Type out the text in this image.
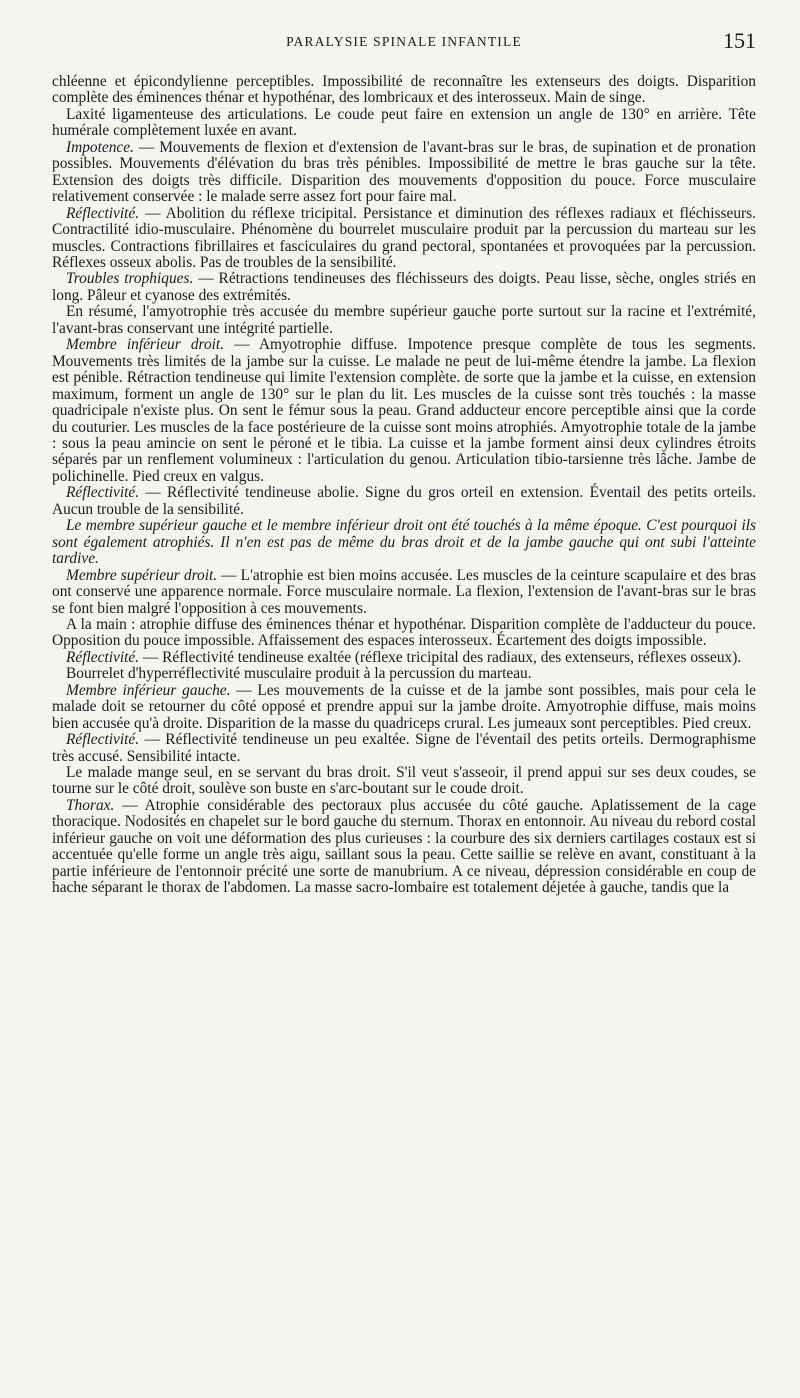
PARALYSIE SPINALE INFANTILE	151

chléenne et épicondylienne perceptibles. Impossibilité de reconnaître les extenseurs des doigts. Disparition complète des éminences thénar et hypothénar, des lombricaux et des interosseux. Main de singe.

Laxité ligamenteuse des articulations. Le coude peut faire en extension un angle de 130° en arrière. Tête humérale complètement luxée en avant.

Impotence. — Mouvements de flexion et d'extension de l'avant-bras sur le bras, de supination et de pronation possibles. Mouvements d'élévation du bras très pénibles. Impossibilité de mettre le bras gauche sur la tête. Extension des doigts très difficile. Disparition des mouvements d'opposition du pouce. Force musculaire relativement conservée : le malade serre assez fort pour faire mal.

Réflectivité. — Abolition du réflexe tricipital. Persistance et diminution des réflexes radiaux et fléchisseurs. Contractilité idio-musculaire. Phénomène du bourrelet musculaire produit par la percussion du marteau sur les muscles. Contractions fibrillaires et fasciculaires du grand pectoral, spontanées et provoquées par la percussion. Réflexes osseux abolis. Pas de troubles de la sensibilité.

Troubles trophiques. — Rétractions tendineuses des fléchisseurs des doigts. Peau lisse, sèche, ongles striés en long. Pâleur et cyanose des extrémités.

En résumé, l'amyotrophie très accusée du membre supérieur gauche porte surtout sur la racine et l'extrémité, l'avant-bras conservant une intégrité partielle.

Membre inférieur droit. — Amyotrophie diffuse. Impotence presque complète de tous les segments. Mouvements très limités de la jambe sur la cuisse. Le malade ne peut de lui-même étendre la jambe. La flexion est pénible. Rétraction tendineuse qui limite l'extension complète. de sorte que la jambe et la cuisse, en extension maximum, forment un angle de 130° sur le plan du lit. Les muscles de la cuisse sont très touchés : la masse quadricipale n'existe plus. On sent le fémur sous la peau. Grand adducteur encore perceptible ainsi que la corde du couturier. Les muscles de la face postérieure de la cuisse sont moins atrophiés. Amyotrophie totale de la jambe : sous la peau amincie on sent le péroné et le tibia. La cuisse et la jambe forment ainsi deux cylindres étroits séparés par un renflement volumineux : l'articulation du genou. Articulation tibio-tarsienne très lâche. Jambe de polichinelle. Pied creux en valgus.

Réflectivité. — Réflectivité tendineuse abolie. Signe du gros orteil en extension. Éventail des petits orteils. Aucun trouble de la sensibilité.

Le membre supérieur gauche et le membre inférieur droit ont été touchés à la même époque. C'est pourquoi ils sont également atrophiés. Il n'en est pas de même du bras droit et de la jambe gauche qui ont subi l'atteinte tardive.

Membre supérieur droit. — L'atrophie est bien moins accusée. Les muscles de la ceinture scapulaire et des bras ont conservé une apparence normale. Force musculaire normale. La flexion, l'extension de l'avant-bras sur le bras se font bien malgré l'opposition à ces mouvements.

A la main : atrophie diffuse des éminences thénar et hypothénar. Disparition complète de l'adducteur du pouce. Opposition du pouce impossible. Affaissement des espaces interosseux. Écartement des doigts impossible.

Réflectivité. — Réflectivité tendineuse exaltée (réflexe tricipital des radiaux, des extenseurs, réflexes osseux).

Bourrelet d'hyperréflectivité musculaire produit à la percussion du marteau.

Membre inférieur gauche. — Les mouvements de la cuisse et de la jambe sont possibles, mais pour cela le malade doit se retourner du côté opposé et prendre appui sur la jambe droite. Amyotrophie diffuse, mais moins bien accusée qu'à droite. Disparition de la masse du quadriceps crural. Les jumeaux sont perceptibles. Pied creux.

Réflectivité. — Réflectivité tendineuse un peu exaltée. Signe de l'éventail des petits orteils. Dermographisme très accusé. Sensibilité intacte.

Le malade mange seul, en se servant du bras droit. S'il veut s'asseoir, il prend appui sur ses deux coudes, se tourne sur le côté droit, soulève son buste en s'arc-boutant sur le coude droit.

Thorax. — Atrophie considérable des pectoraux plus accusée du côté gauche. Aplatissement de la cage thoracique. Nodosités en chapelet sur le bord gauche du sternum. Thorax en entonnoir. Au niveau du rebord costal inférieur gauche on voit une déformation des plus curieuses : la courbure des six derniers cartilages costaux est si accentuée qu'elle forme un angle très aigu, saillant sous la peau. Cette saillie se relève en avant, constituant à la partie inférieure de l'entonnoir précité une sorte de manubrium. A ce niveau, dépression considérable en coup de hache séparant le thorax de l'abdomen. La masse sacro-lombaire est totalement déjetée à gauche, tandis que la
